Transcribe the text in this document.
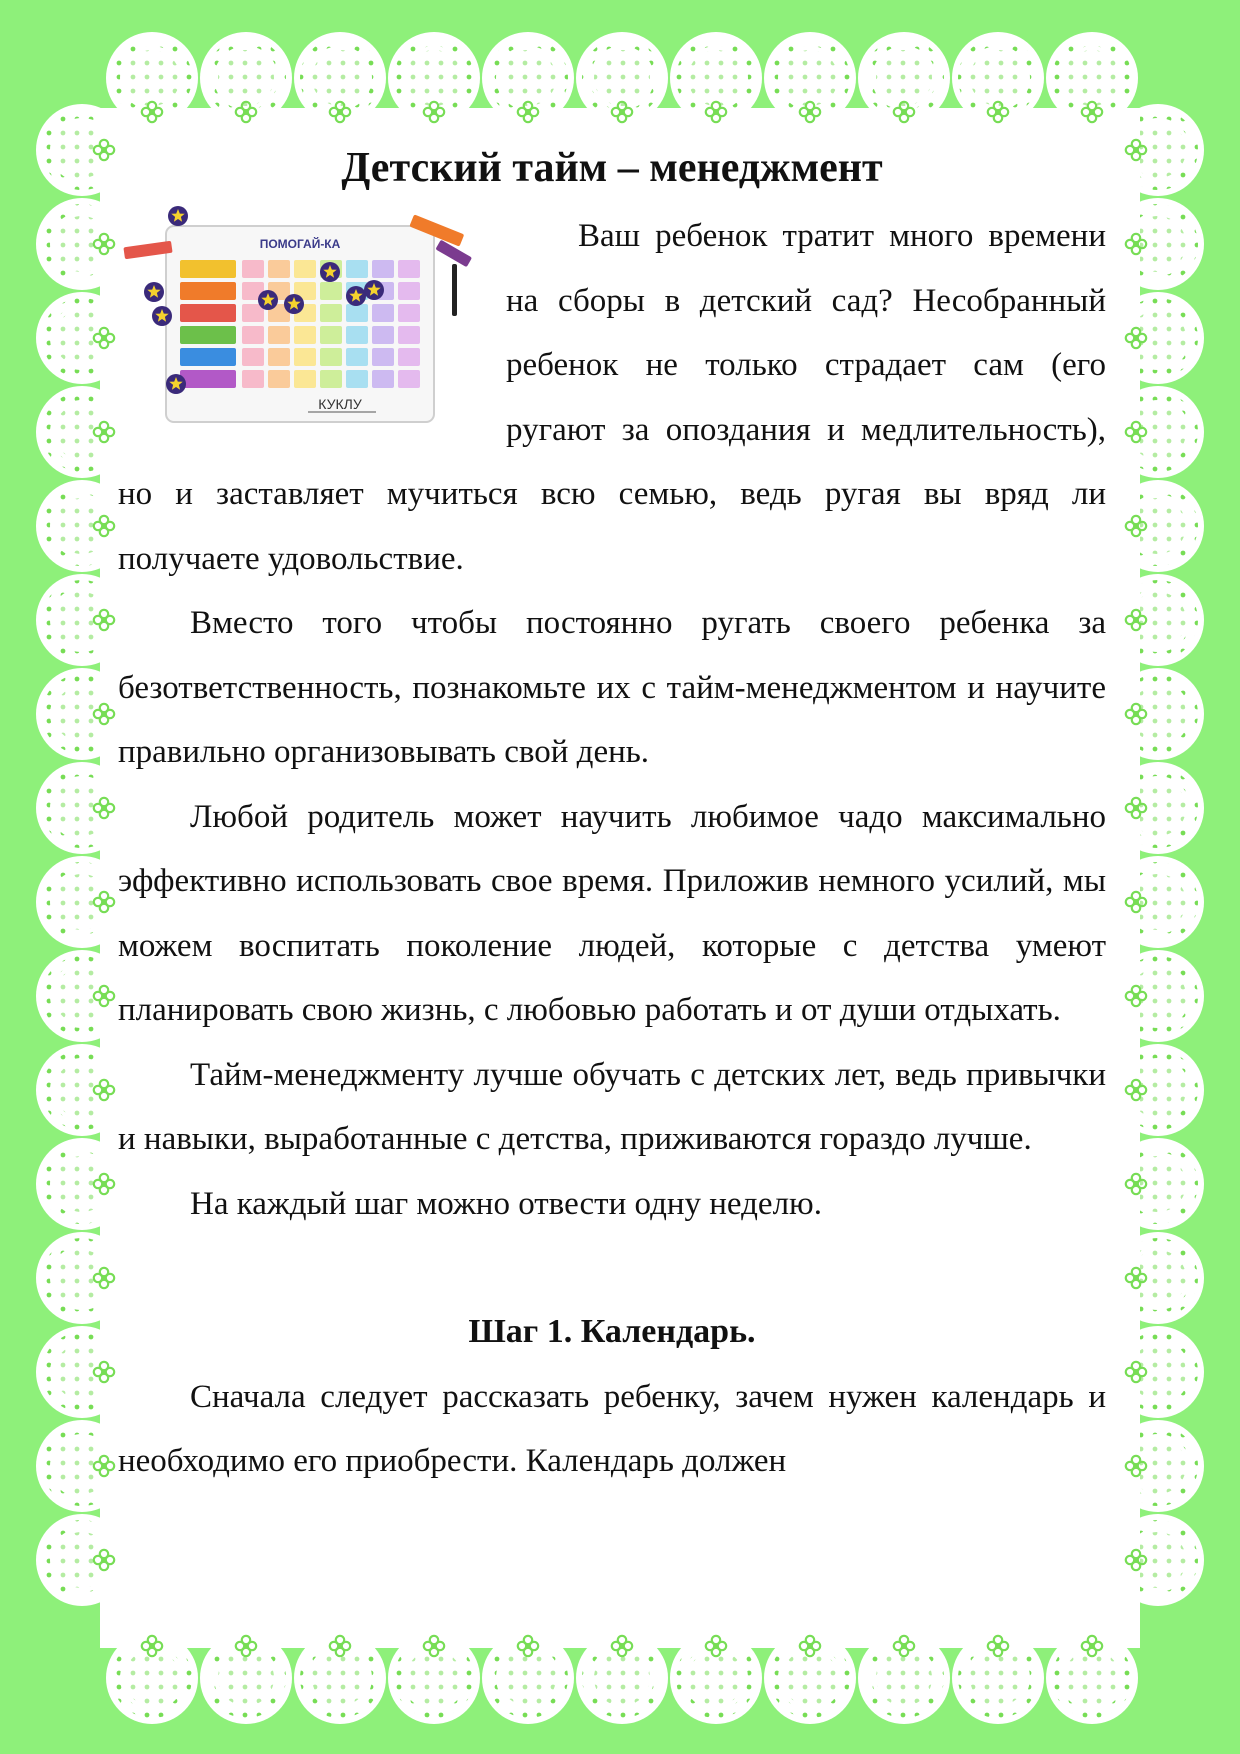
Детский тайм – менеджмент
ПОМОГАЙ-КА
КУКЛУ

Ваш ребенок тратит много времени на сборы в детский сад? Несобранный ребенок не только страдает сам (его ругают за опоздания и медлительность), но и заставляет мучиться всю семью, ведь ругая вы вряд ли получаете удовольствие.

Вместо того чтобы постоянно ругать своего ребенка за безответственность, познакомьте их с тайм-менеджментом и научите правильно организовывать свой день.

Любой родитель может научить любимое чадо максимально эффективно использовать свое время. Приложив немного усилий, мы можем воспитать поколение людей, которые с детства умеют планировать свою жизнь, с любовью работать и от души отдыхать.

Тайм-менеджменту лучше обучать с детских лет, ведь привычки и навыки, выработанные с детства, приживаются гораздо лучше.

На каждый шаг можно отвести одну неделю.

Шаг 1. Календарь.

Сначала следует рассказать ребенку, зачем нужен календарь и необходимо его приобрести. Календарь должен
